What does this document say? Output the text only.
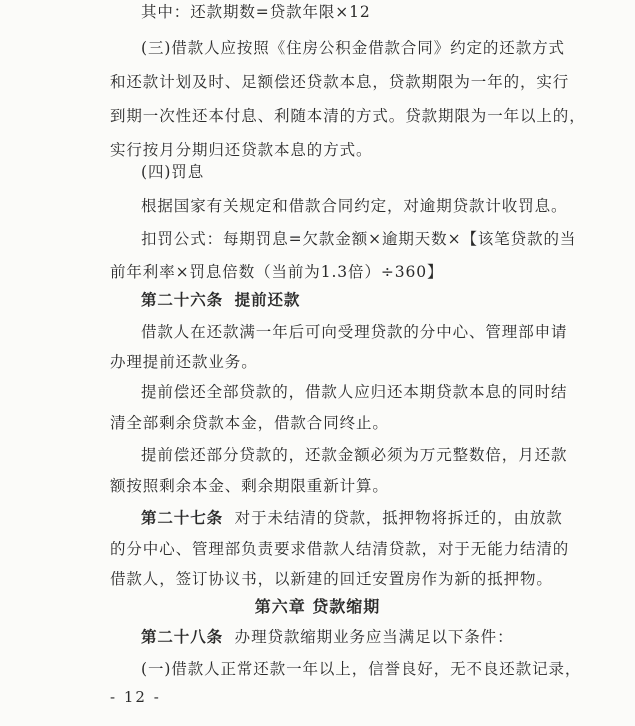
其中：还款期数=贷款年限×12
(三)借款人应按照《住房公积金借款合同》约定的还款方式
和还款计划及时、足额偿还贷款本息，贷款期限为一年的，实行
到期一次性还本付息、利随本清的方式。贷款期限为一年以上的，
实行按月分期归还贷款本息的方式。
(四)罚息
根据国家有关规定和借款合同约定，对逾期贷款计收罚息。
扣罚公式：每期罚息=欠款金额×逾期天数×【该笔贷款的当
前年利率×罚息倍数（当前为1.3倍）÷360】
第二十六条 提前还款
借款人在还款满一年后可向受理贷款的分中心、管理部申请
办理提前还款业务。
提前偿还全部贷款的，借款人应归还本期贷款本息的同时结
清全部剩余贷款本金，借款合同终止。
提前偿还部分贷款的，还款金额必须为万元整数倍，月还款
额按照剩余本金、剩余期限重新计算。
第二十七条 对于未结清的贷款，抵押物将拆迁的，由放款
的分中心、管理部负责要求借款人结清贷款，对于无能力结清的
借款人，签订协议书，以新建的回迁安置房作为新的抵押物。
第六章 贷款缩期
第二十八条 办理贷款缩期业务应当满足以下条件：
(一)借款人正常还款一年以上，信誉良好，无不良还款记录，
- 12 -
